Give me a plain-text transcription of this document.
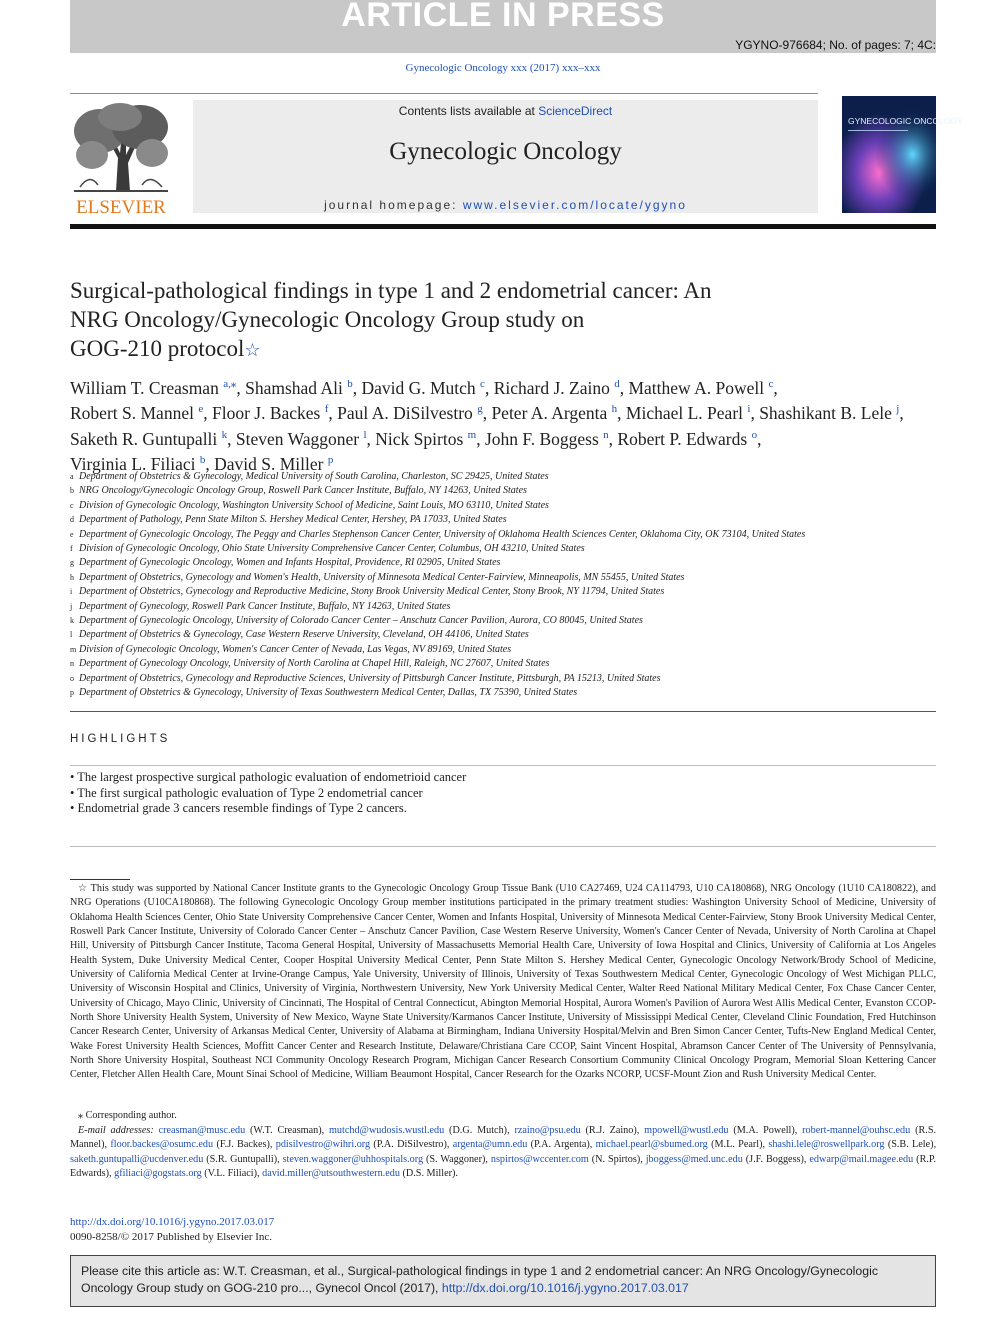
ARTICLE IN PRESS
YGYNO-976684; No. of pages: 7; 4C:
Gynecologic Oncology xxx (2017) xxx–xxx
ELSEVIER
Contents lists available at ScienceDirect
Gynecologic Oncology
journal homepage: www.elsevier.com/locate/ygyno
GYNECOLOGIC ONCOLOGY
Surgical-pathological findings in type 1 and 2 endometrial cancer: An
NRG Oncology/Gynecologic Oncology Group study on
GOG-210 protocol☆
William T. Creasman $^{a,⁎}$, Shamshad Ali $^b$, David G. Mutch $^c$, Richard J. Zaino $^d$, Matthew A. Powell $^c$,
Robert S. Mannel $^e$, Floor J. Backes $^f$, Paul A. DiSilvestro $^g$, Peter A. Argenta $^h$, Michael L. Pearl $^i$, Shashikant B. Lele $^j$,
Saketh R. Guntupalli $^k$, Steven Waggoner $^l$, Nick Spirtos $^m$, John F. Boggess $^n$, Robert P. Edwards $^o$,
Virginia L. Filiaci $^b$, David S. Miller $^p$
a Department of Obstetrics & Gynecology, Medical University of South Carolina, Charleston, SC 29425, United States
b NRG Oncology/Gynecologic Oncology Group, Roswell Park Cancer Institute, Buffalo, NY 14263, United States
c Division of Gynecologic Oncology, Washington University School of Medicine, Saint Louis, MO 63110, United States
d Department of Pathology, Penn State Milton S. Hershey Medical Center, Hershey, PA 17033, United States
e Department of Gynecologic Oncology, The Peggy and Charles Stephenson Cancer Center, University of Oklahoma Health Sciences Center, Oklahoma City, OK 73104, United States
f Division of Gynecologic Oncology, Ohio State University Comprehensive Cancer Center, Columbus, OH 43210, United States
g Department of Gynecologic Oncology, Women and Infants Hospital, Providence, RI 02905, United States
h Department of Obstetrics, Gynecology and Women's Health, University of Minnesota Medical Center-Fairview, Minneapolis, MN 55455, United States
i Department of Obstetrics, Gynecology and Reproductive Medicine, Stony Brook University Medical Center, Stony Brook, NY 11794, United States
j Department of Gynecology, Roswell Park Cancer Institute, Buffalo, NY 14263, United States
k Department of Gynecologic Oncology, University of Colorado Cancer Center – Anschutz Cancer Pavilion, Aurora, CO 80045, United States
l Department of Obstetrics & Gynecology, Case Western Reserve University, Cleveland, OH 44106, United States
m Division of Gynecologic Oncology, Women's Cancer Center of Nevada, Las Vegas, NV 89169, United States
n Department of Gynecology Oncology, University of North Carolina at Chapel Hill, Raleigh, NC 27607, United States
o Department of Obstetrics, Gynecology and Reproductive Sciences, University of Pittsburgh Cancer Institute, Pittsburgh, PA 15213, United States
p Department of Obstetrics & Gynecology, University of Texas Southwestern Medical Center, Dallas, TX 75390, United States
HIGHLIGHTS
• The largest prospective surgical pathologic evaluation of endometrioid cancer
• The first surgical pathologic evaluation of Type 2 endometrial cancer
• Endometrial grade 3 cancers resemble findings of Type 2 cancers.
☆ This study was supported by National Cancer Institute grants to the Gynecologic Oncology Group Tissue Bank (U10 CA27469, U24 CA114793, U10 CA180868), NRG Oncology (1U10 CA180822), and NRG Operations (U10CA180868). The following Gynecologic Oncology Group member institutions participated in the primary treatment studies: Washington University School of Medicine, University of Oklahoma Health Sciences Center, Ohio State University Comprehensive Cancer Center, Women and Infants Hospital, University of Minnesota Medical Center-Fairview, Stony Brook University Medical Center, Roswell Park Cancer Institute, University of Colorado Cancer Center – Anschutz Cancer Pavilion, Case Western Reserve University, Women's Cancer Center of Nevada, University of North Carolina at Chapel Hill, University of Pittsburgh Cancer Institute, Tacoma General Hospital, University of Massachusetts Memorial Health Care, University of Iowa Hospital and Clinics, University of California at Los Angeles Health System, Duke University Medical Center, Cooper Hospital University Medical Center, Penn State Milton S. Hershey Medical Center, Gynecologic Oncology Network/Brody School of Medicine, University of California Medical Center at Irvine-Orange Campus, Yale University, University of Illinois, University of Texas Southwestern Medical Center, Gynecologic Oncology of West Michigan PLLC, University of Wisconsin Hospital and Clinics, University of Virginia, Northwestern University, New York University Medical Center, Walter Reed National Military Medical Center, Fox Chase Cancer Center, University of Chicago, Mayo Clinic, University of Cincinnati, The Hospital of Central Connecticut, Abington Memorial Hospital, Aurora Women's Pavilion of Aurora West Allis Medical Center, Evanston CCOP-North Shore University Health System, University of New Mexico, Wayne State University/Karmanos Cancer Institute, University of Mississippi Medical Center, Cleveland Clinic Foundation, Fred Hutchinson Cancer Research Center, University of Arkansas Medical Center, University of Alabama at Birmingham, Indiana University Hospital/Melvin and Bren Simon Cancer Center, Tufts-New England Medical Center, Wake Forest University Health Sciences, Moffitt Cancer Center and Research Institute, Delaware/Christiana Care CCOP, Saint Vincent Hospital, Abramson Cancer Center of The University of Pennsylvania, North Shore University Hospital, Southeast NCI Community Oncology Research Program, Michigan Cancer Research Consortium Community Clinical Oncology Program, Memorial Sloan Kettering Cancer Center, Fletcher Allen Health Care, Mount Sinai School of Medicine, William Beaumont Hospital, Cancer Research for the Ozarks NCORP, UCSF-Mount Zion and Rush University Medical Center.
⁎ Corresponding author.
E-mail addresses: creasman@musc.edu (W.T. Creasman), mutchd@wudosis.wustl.edu (D.G. Mutch), rzaino@psu.edu (R.J. Zaino), mpowell@wustl.edu (M.A. Powell), robert-mannel@ouhsc.edu (R.S. Mannel), floor.backes@osumc.edu (F.J. Backes), pdisilvestro@wihri.org (P.A. DiSilvestro), argenta@umn.edu (P.A. Argenta), michael.pearl@sbumed.org (M.L. Pearl), shashi.lele@roswellpark.org (S.B. Lele), saketh.guntupalli@ucdenver.edu (S.R. Guntupalli), steven.waggoner@uhhospitals.org (S. Waggoner), nspirtos@wccenter.com (N. Spirtos), jboggess@med.unc.edu (J.F. Boggess), edwarp@mail.magee.edu (R.P. Edwards), gfiliaci@gogstats.org (V.L. Filiaci), david.miller@utsouthwestern.edu (D.S. Miller).
http://dx.doi.org/10.1016/j.ygyno.2017.03.017
0090-8258/© 2017 Published by Elsevier Inc.
Please cite this article as: W.T. Creasman, et al., Surgical-pathological findings in type 1 and 2 endometrial cancer: An NRG Oncology/Gynecologic Oncology Group study on GOG-210 pro..., Gynecol Oncol (2017), http://dx.doi.org/10.1016/j.ygyno.2017.03.017
